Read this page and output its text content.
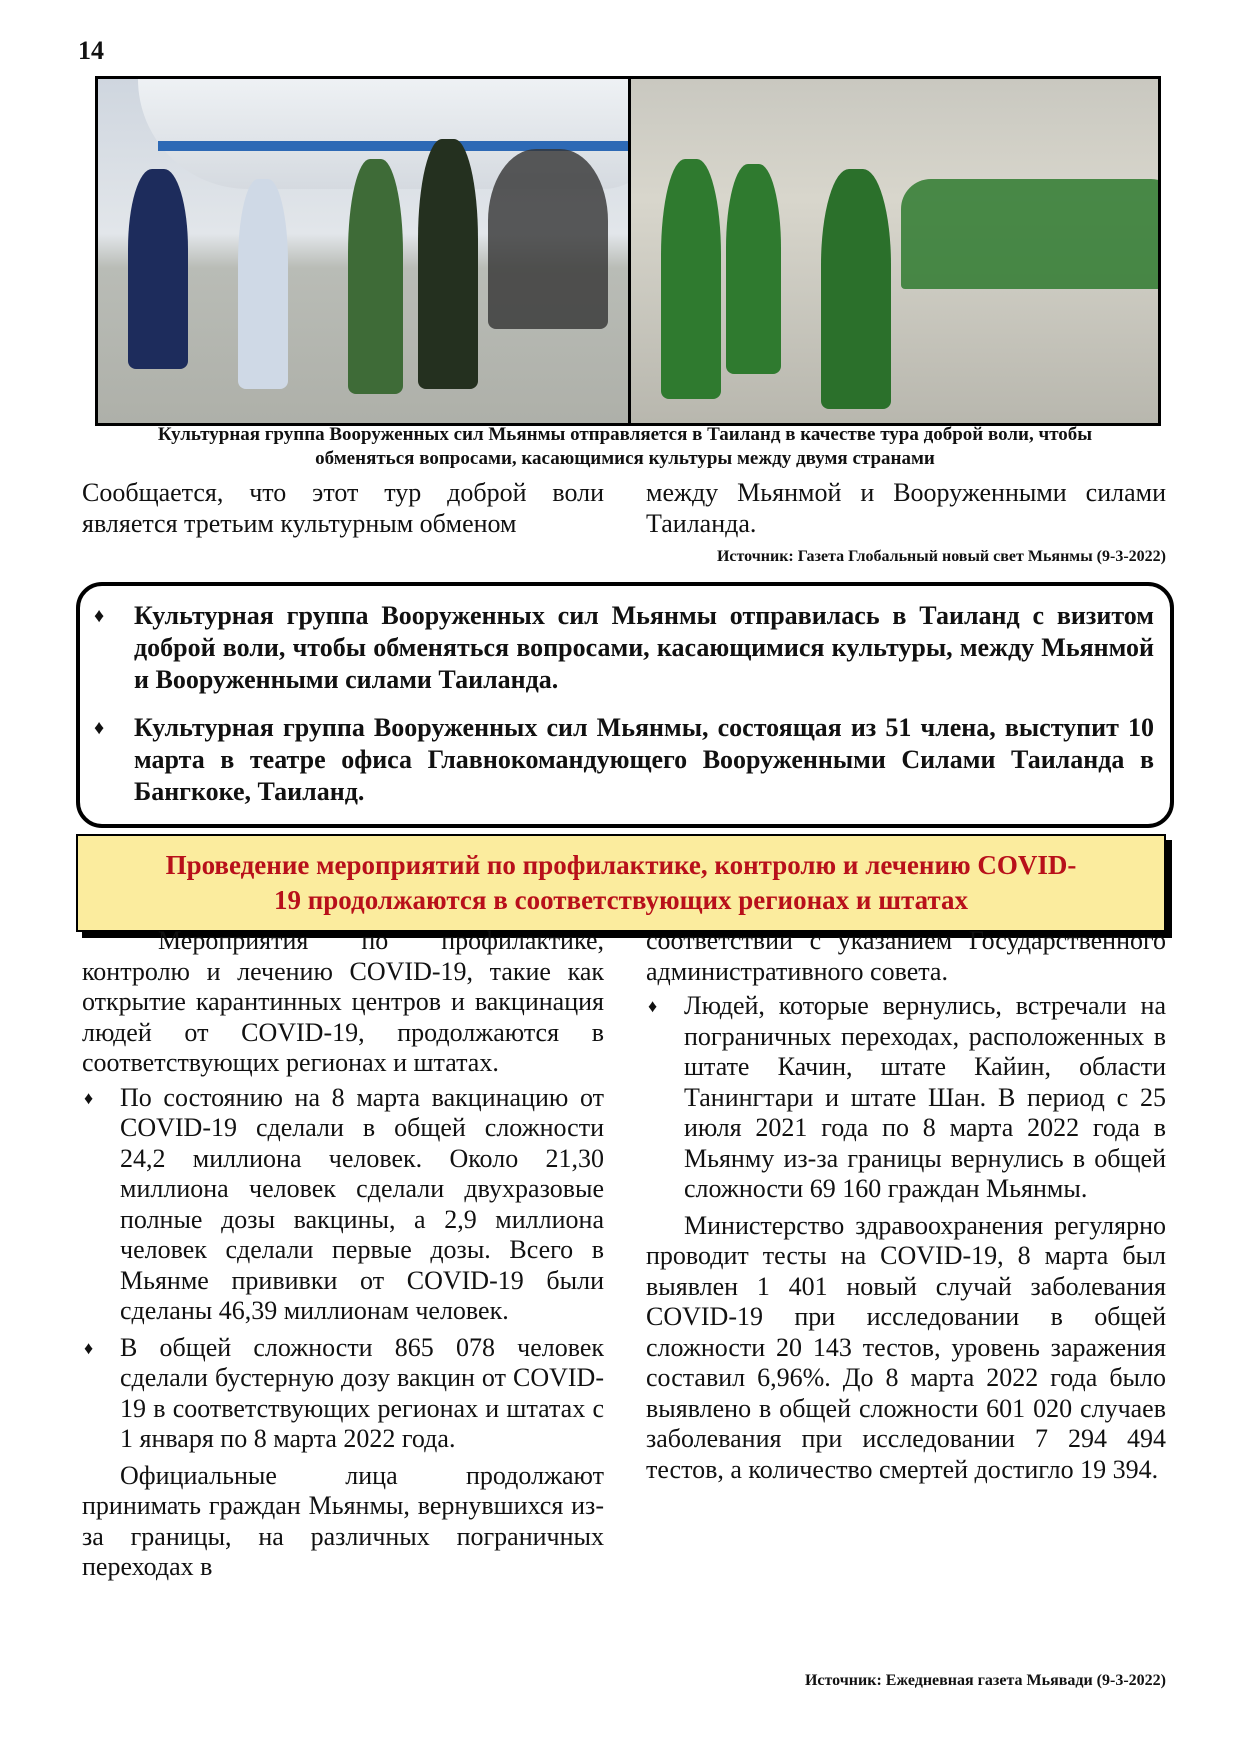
14
Культурная группа Вооруженных сил Мьянмы отправляется в Таиланд в качестве тура доброй воли, чтобы
обменяться вопросами, касающимися культуры между двумя странами

Сообщается, что этот тур доброй воли является третьим культурным обменом

между Мьянмой и Вооруженными силами Таиланда.

Источник: Газета Глобальный новый свет Мьянмы (9-3-2022)
♦ Культурная группа Вооруженных сил Мьянмы отправилась в Таиланд с визитом доброй воли, чтобы обменяться вопросами, касающимися культуры, между Мьянмой и Вооруженными силами Таиланда.
♦ Культурная группа Вооруженных сил Мьянмы, состоящая из 51 члена, выступит 10 марта в театре офиса Главнокомандующего Вооруженными Силами Таиланда в Бангкоке, Таиланд.
Проведение мероприятий по профилактике, контролю и лечению COVID-
19 продолжаются в соответствующих регионах и штатах

Мероприятия по профилактике, контролю и лечению COVID-19, такие как открытие карантинных центров и вакцинация людей от COVID-19, продолжаются в соответствующих регионах и штатах.

♦ По состоянию на 8 марта вакцинацию от COVID-19 сделали в общей сложности 24,2 миллиона человек. Около 21,30 миллиона человек сделали двухразовые полные дозы вакцины, а 2,9 миллиона человек сделали первые дозы. Всего в Мьянме прививки от COVID-19 были сделаны 46,39 миллионам человек.
♦ В общей сложности 865 078 человек сделали бустерную дозу вакцин от COVID-19 в соответствующих регионах и штатах с 1 января по 8 марта 2022 года.

Официальные лица продолжают принимать граждан Мьянмы, вернувшихся из-за границы, на различных пограничных переходах в

соответствии с указанием Государственного административного совета.

♦ Людей, которые вернулись, встречали на пограничных переходах, расположенных в штате Качин, штате Кайин, области Танингтари и штате Шан. В период с 25 июля 2021 года по 8 марта 2022 года в Мьянму из-за границы вернулись в общей сложности 69 160 граждан Мьянмы.

Министерство здравоохранения регулярно проводит тесты на COVID-19, 8 марта был выявлен 1 401 новый случай заболевания COVID-19 при исследовании в общей сложности 20 143 тестов, уровень заражения составил 6,96%. До 8 марта 2022 года было выявлено в общей сложности 601 020 случаев заболевания при исследовании 7 294 494 тестов, а количество смертей достигло 19 394.

Источник: Ежедневная газета Мьявади (9-3-2022)
